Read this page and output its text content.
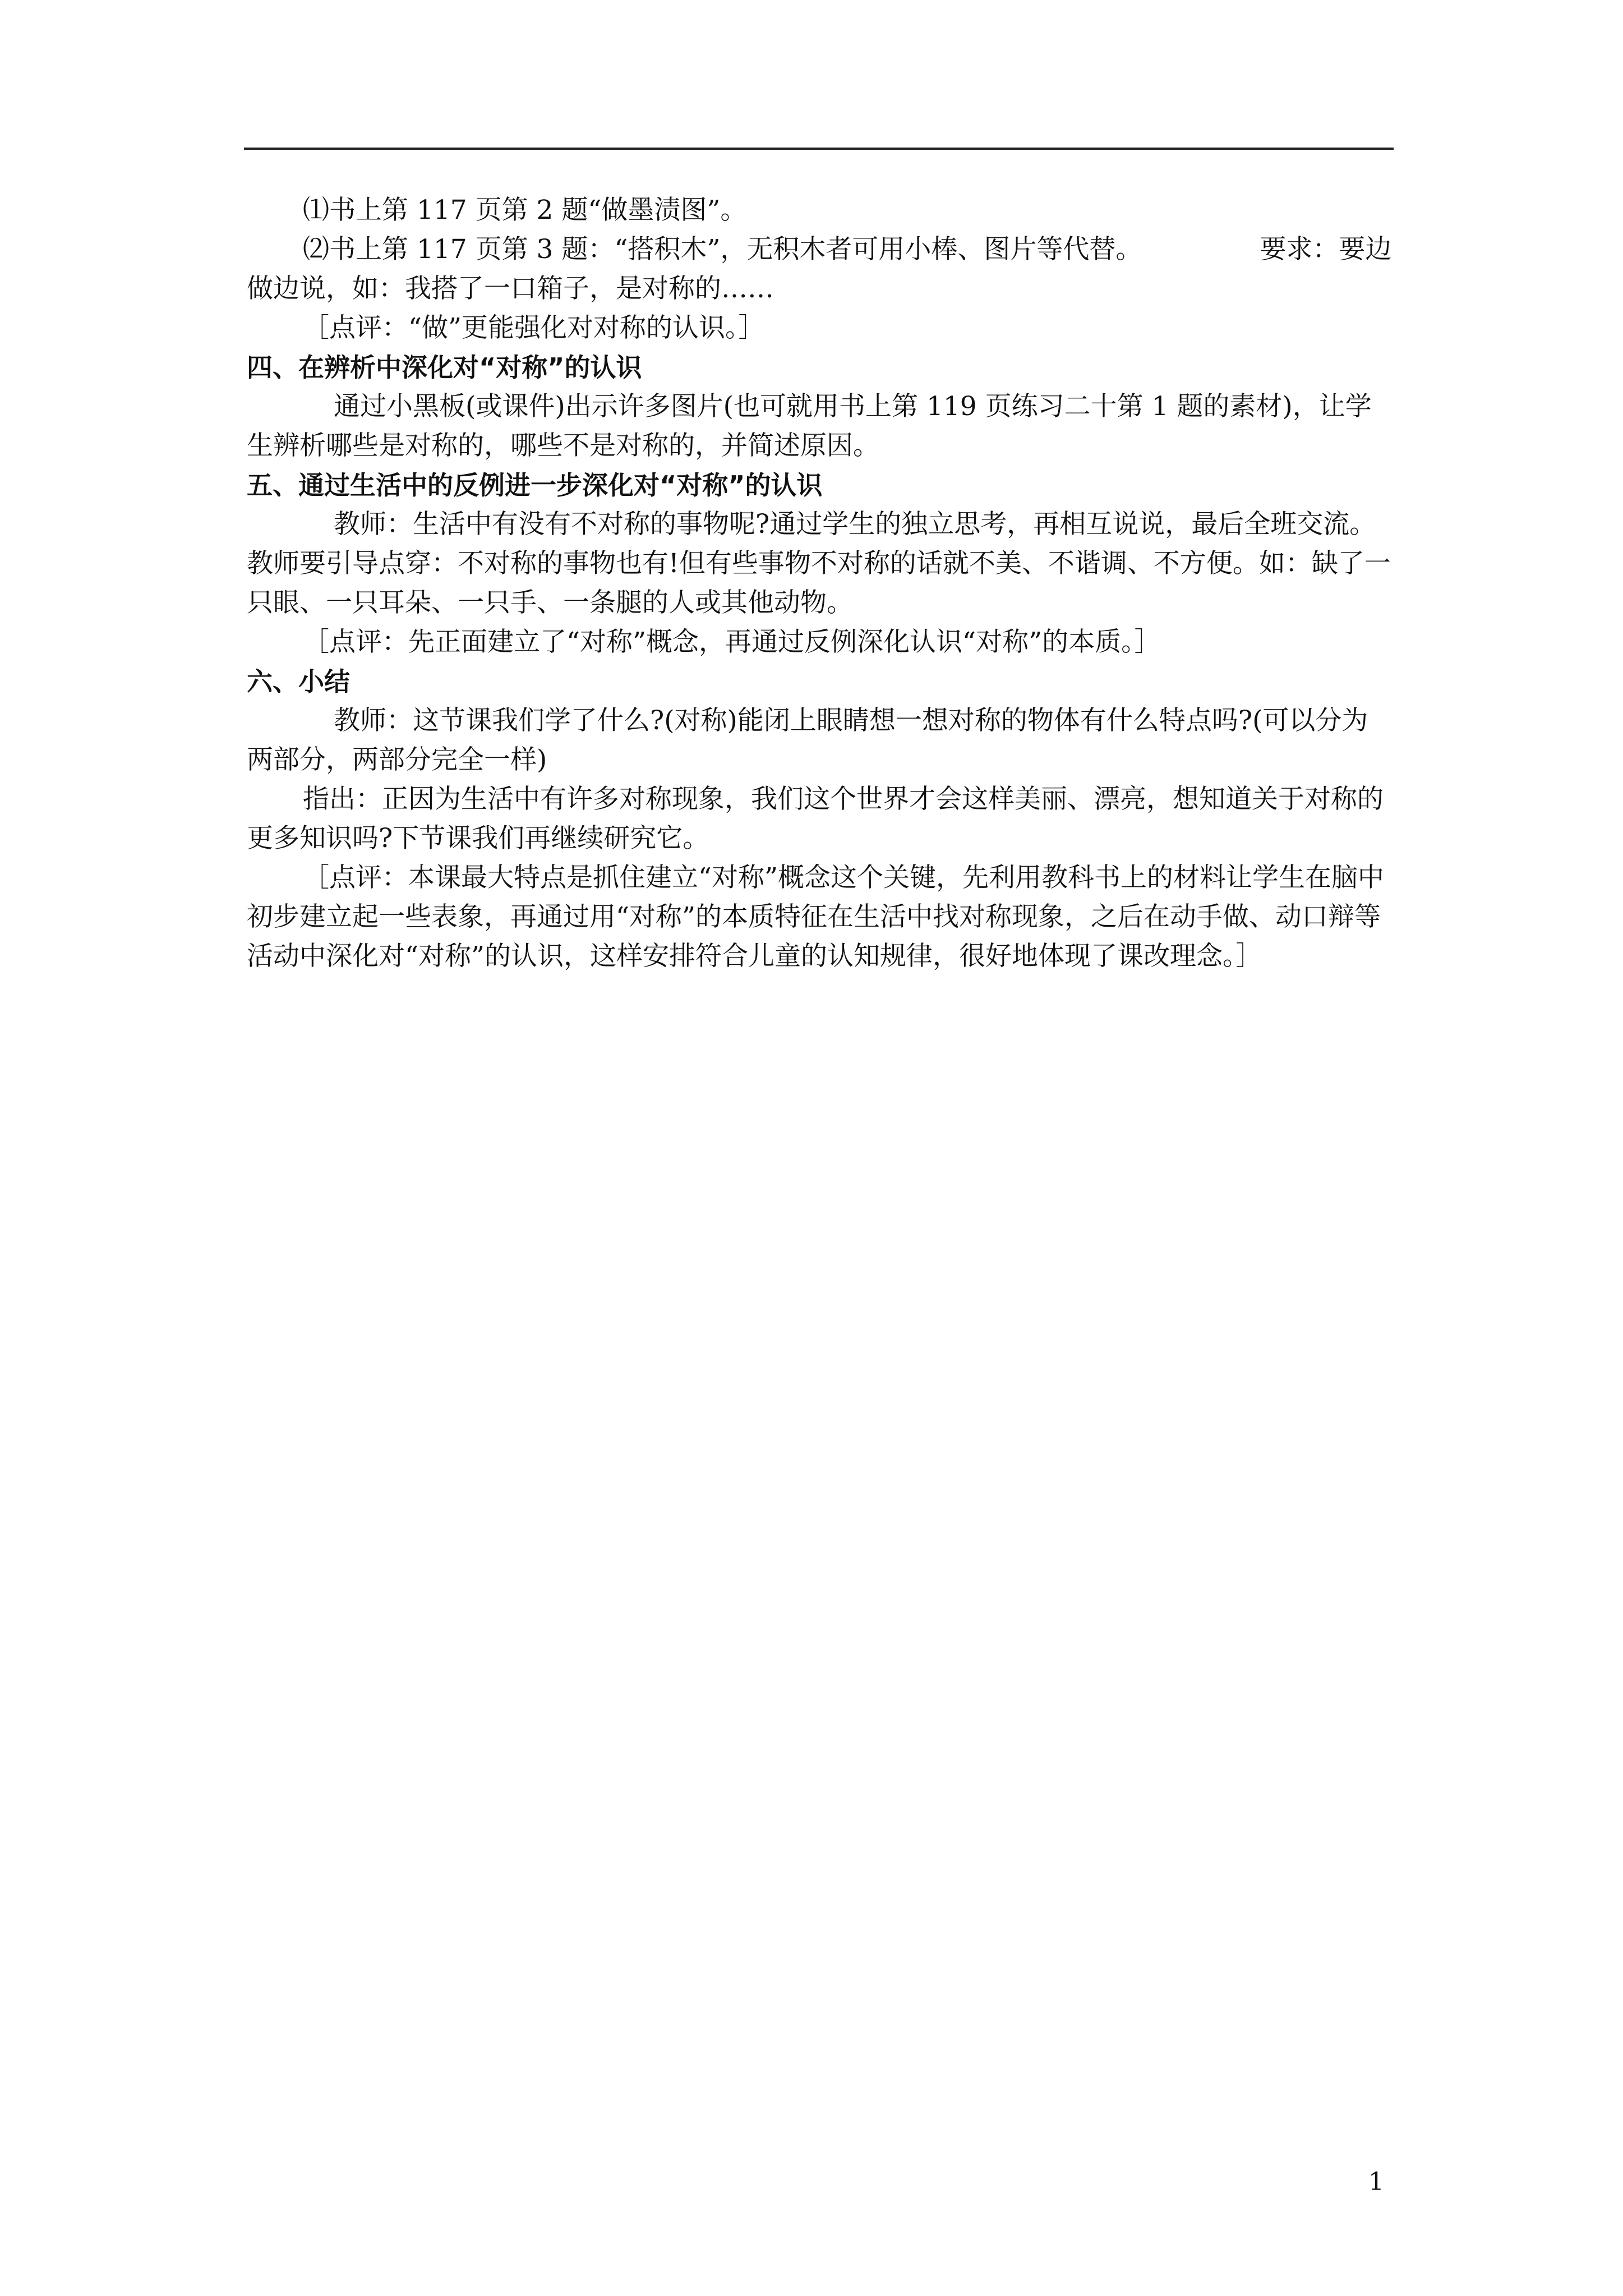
⑴书上第 117 页第 2 题“做墨渍图”。

⑵书上第 117 页第 3 题：“搭积木”，无积木者可用小棒、图片等代替。	要求：要边做边说，如：我搭了一口箱子，是对称的……

［点评：“做”更能强化对对称的认识。］

四、在辨析中深化对“对称”的认识

通过小黑板(或课件)出示许多图片(也可就用书上第 119 页练习二十第 1 题的素材)，让学生辨析哪些是对称的，哪些不是对称的，并简述原因。

五、通过生活中的反例进一步深化对“对称”的认识

教师：生活中有没有不对称的事物呢?通过学生的独立思考，再相互说说，最后全班交流。教师要引导点穿：不对称的事物也有!但有些事物不对称的话就不美、不谐调、不方便。如：缺了一只眼、一只耳朵、一只手、一条腿的人或其他动物。

［点评：先正面建立了“对称”概念，再通过反例深化认识“对称”的本质。］

六、小结

教师：这节课我们学了什么?(对称)能闭上眼睛想一想对称的物体有什么特点吗?(可以分为两部分，两部分完全一样)

指出：正因为生活中有许多对称现象，我们这个世界才会这样美丽、漂亮，想知道关于对称的更多知识吗?下节课我们再继续研究它。

［点评：本课最大特点是抓住建立“对称”概念这个关键，先利用教科书上的材料让学生在脑中初步建立起一些表象，再通过用“对称”的本质特征在生活中找对称现象，之后在动手做、动口辩等活动中深化对“对称”的认识，这样安排符合儿童的认知规律，很好地体现了课改理念。］

1
